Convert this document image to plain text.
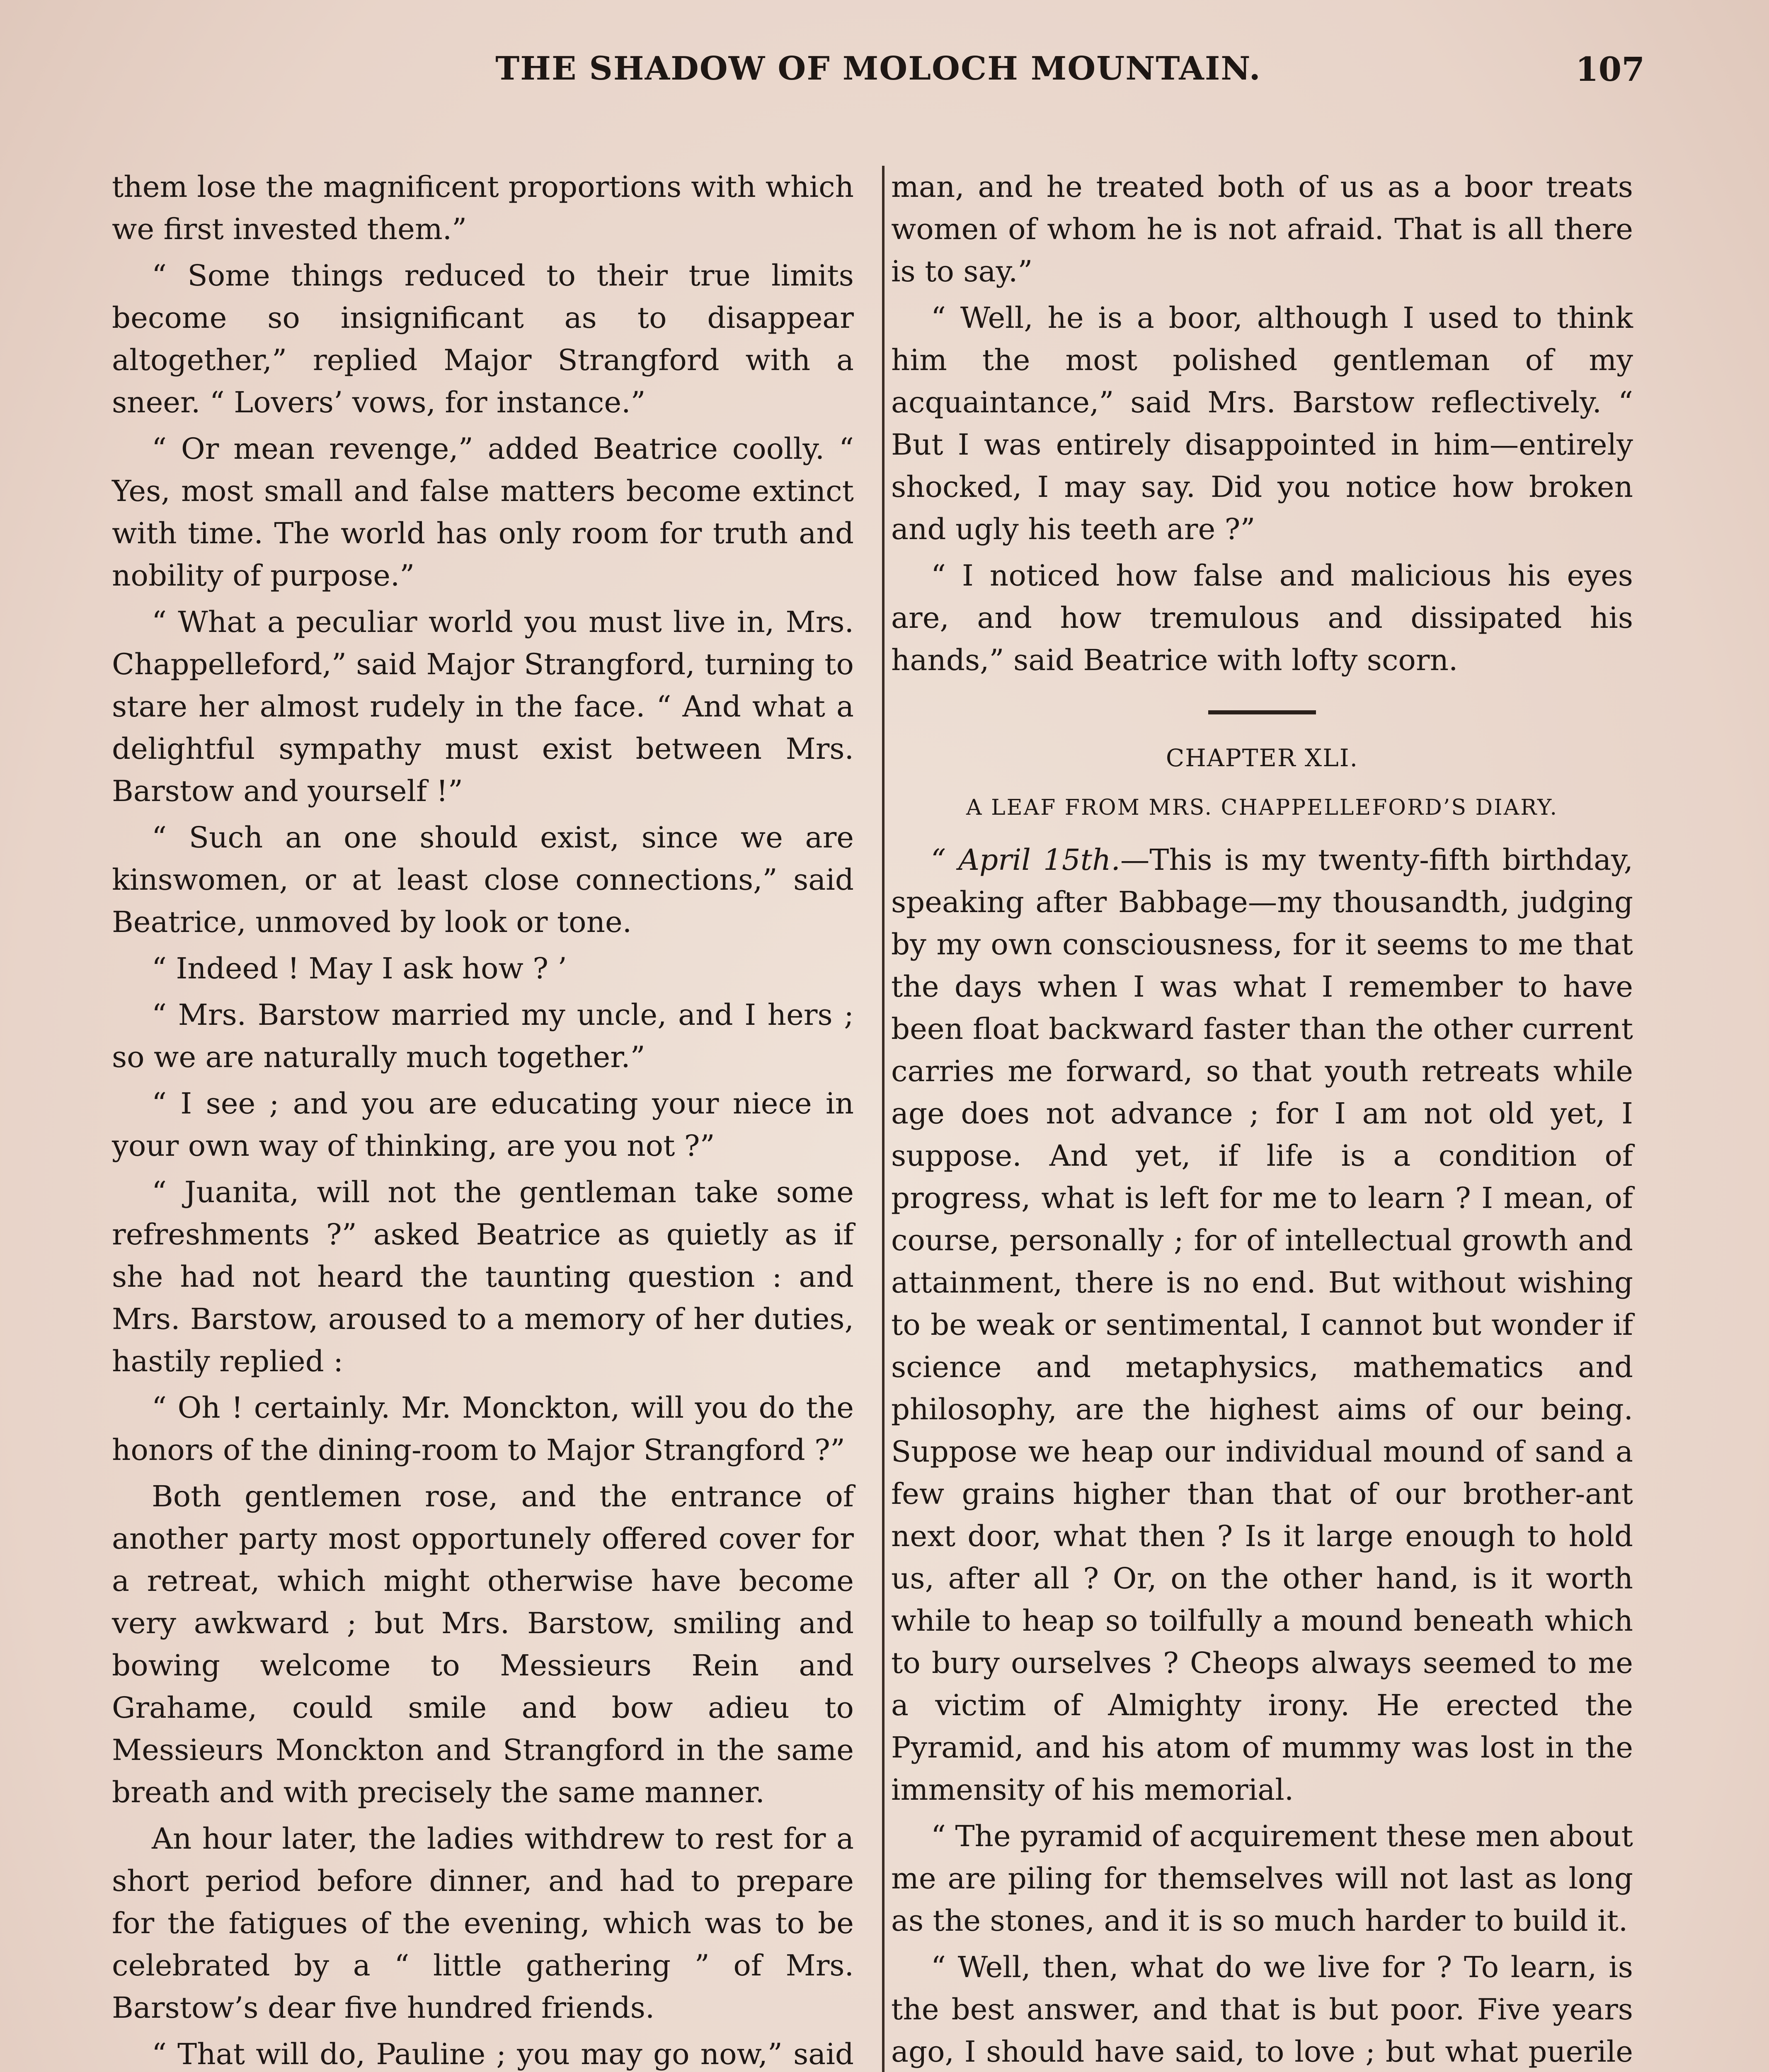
THE SHADOW OF MOLOCH MOUNTAIN.	107

them lose the magnificent proportions with which we first invested them.”

“ Some things reduced to their true limits become so insignificant as to disappear altogether,” replied Major Strangford with a sneer. “ Lovers’ vows, for instance.”

“ Or mean revenge,” added Beatrice coolly. “ Yes, most small and false matters become extinct with time. The world has only room for truth and nobility of purpose.”

“ What a peculiar world you must live in, Mrs. Chappelleford,” said Major Strangford, turning to stare her almost rudely in the face. “ And what a delightful sympathy must exist between Mrs. Barstow and yourself !”

“ Such an one should exist, since we are kinswomen, or at least close connections,” said Beatrice, unmoved by look or tone.

“ Indeed ! May I ask how ? ’

“ Mrs. Barstow married my uncle, and I hers ; so we are naturally much together.”

“ I see ; and you are educating your niece in your own way of thinking, are you not ?”

“ Juanita, will not the gentleman take some refreshments ?” asked Beatrice as quietly as if she had not heard the taunting question : and Mrs. Barstow, aroused to a memory of her duties, hastily replied :

“ Oh ! certainly. Mr. Monckton, will you do the honors of the dining-room to Major Strangford ?”

Both gentlemen rose, and the entrance of another party most opportunely offered cover for a retreat, which might otherwise have become very awkward ; but Mrs. Barstow, smiling and bowing welcome to Messieurs Rein and Grahame, could smile and bow adieu to Messieurs Monckton and Strangford in the same breath and with precisely the same manner.

An hour later, the ladies withdrew to rest for a short period before dinner, and had to prepare for the fatigues of the evening, which was to be celebrated by a “ little gathering ” of Mrs. Barstow’s dear five hundred friends.

“ That will do, Pauline ; you may go now,” said

man, and he treated both of us as a boor treats women of whom he is not afraid. That is all there is to say.”

“ Well, he is a boor, although I used to think him the most polished gentleman of my acquaintance,” said Mrs. Barstow reflectively. “ But I was entirely disappointed in him—entirely shocked, I may say. Did you notice how broken and ugly his teeth are ?”

“ I noticed how false and malicious his eyes are, and how tremulous and dissipated his hands,” said Beatrice with lofty scorn.

CHAPTER XLI.
A LEAF FROM MRS. CHAPPELLEFORD’S DIARY.

“ April 15th.—This is my twenty-fifth birthday, speaking after Babbage—my thousandth, judging by my own consciousness, for it seems to me that the days when I was what I remember to have been float backward faster than the other current carries me forward, so that youth retreats while age does not advance ; for I am not old yet, I suppose. And yet, if life is a condition of progress, what is left for me to learn ? I mean, of course, personally ; for of intellectual growth and attainment, there is no end. But without wishing to be weak or sentimental, I cannot but wonder if science and metaphysics, mathematics and philosophy, are the highest aims of our being. Suppose we heap our individual mound of sand a few grains higher than that of our brother-ant next door, what then ? Is it large enough to hold us, after all ? Or, on the other hand, is it worth while to heap so toilfully a mound beneath which to bury ourselves ? Cheops always seemed to me a victim of Almighty irony. He erected the Pyramid, and his atom of mummy was lost in the immensity of his memorial.

“ The pyramid of acquirement these men about me are piling for themselves will not last as long as the stones, and it is so much harder to build it.

“ Well, then, what do we live for ? To learn, is the best answer, and that is but poor. Five years ago, I should have said, to love ; but what puerile
